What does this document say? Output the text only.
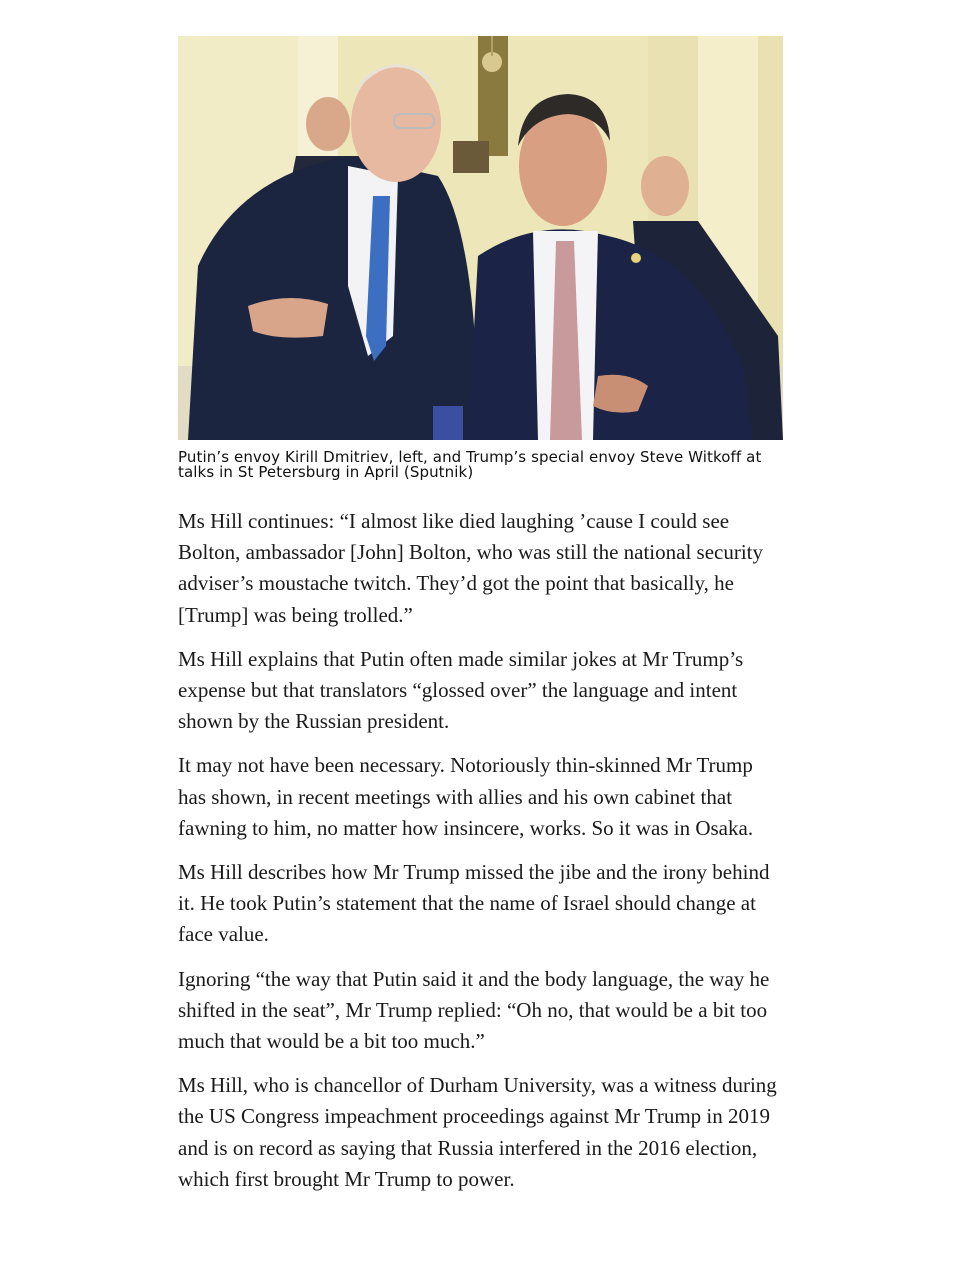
Putin’s envoy Kirill Dmitriev, left, and Trump’s special envoy Steve Witkoff at talks in St Petersburg in April (Sputnik)

Ms Hill continues: “I almost like died laughing ’cause I could see Bolton, ambassador [John] Bolton, who was still the national security adviser’s moustache twitch. They’d got the point that basically, he [Trump] was being trolled.”

Ms Hill explains that Putin often made similar jokes at Mr Trump’s expense but that translators “glossed over” the language and intent shown by the Russian president.

It may not have been necessary. Notoriously thin-skinned Mr Trump has shown, in recent meetings with allies and his own cabinet that fawning to him, no matter how insincere, works. So it was in Osaka.

Ms Hill describes how Mr Trump missed the jibe and the irony behind it. He took Putin’s statement that the name of Israel should change at face value.

Ignoring “the way that Putin said it and the body language, the way he shifted in the seat”, Mr Trump replied: “Oh no, that would be a bit too much that would be a bit too much.”

Ms Hill, who is chancellor of Durham University, was a witness during the US Congress impeachment proceedings against Mr Trump in 2019 and is on record as saying that Russia interfered in the 2016 election, which first brought Mr Trump to power.
